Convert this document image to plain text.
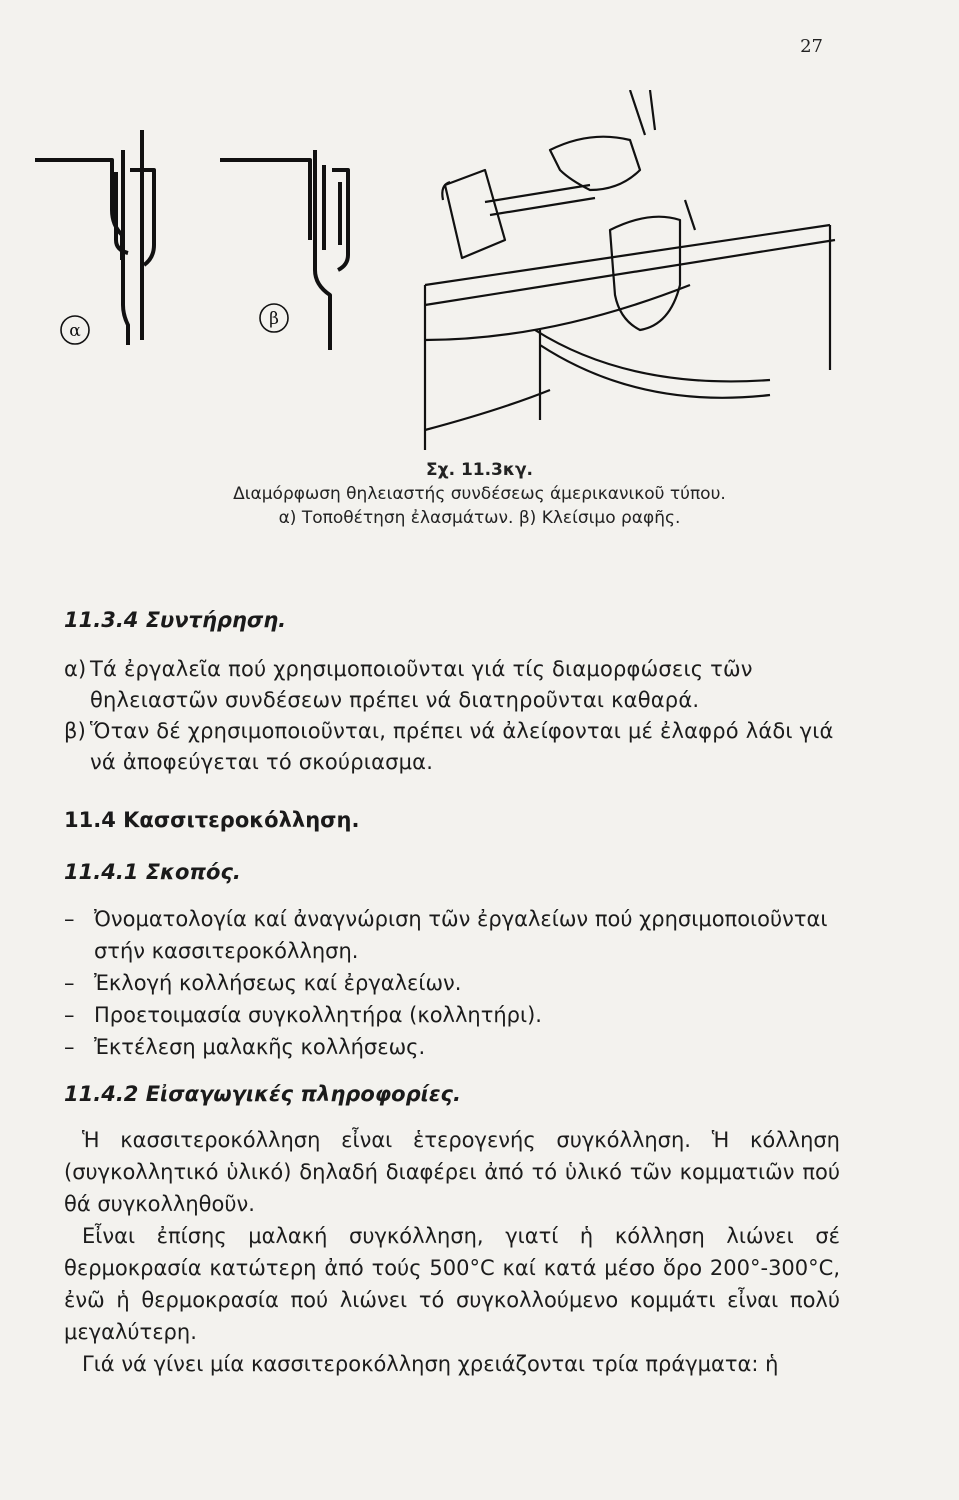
27
α
β
Σχ. 11.3κγ.
Διαμόρφωση θηλειαστής συνδέσεως άμερικανικοῦ τύπου.
α) Τοποθέτηση ἐλασμάτων. β) Κλείσιμο ραφῆς.
11.3.4 Συντήρηση.
α) Τά ἐργαλεῖα πού χρησιμοποιοῦνται γιά τίς διαμορφώσεις τῶν θηλειαστῶν συνδέσεων πρέπει νά διατηροῦνται καθαρά.
β) Ὅταν δέ χρησιμοποιοῦνται, πρέπει νά ἀλείφονται μέ ἐλαφρό λάδι γιά νά ἀποφεύγεται τό σκούριασμα.
11.4 Κασσιτεροκόλληση.
11.4.1 Σκοπός.
– Ὀνοματολογία καί ἀναγνώριση τῶν ἐργαλείων πού χρησιμοποιοῦνται στήν κασσιτεροκόλληση.
– Ἐκλογή κολλήσεως καί ἐργαλείων.
– Προετοιμασία συγκολλητήρα (κολλητήρι).
– Ἐκτέλεση μαλακῆς κολλήσεως.
11.4.2 Εἰσαγωγικές πληροφορίες.

Ἡ κασσιτεροκόλληση εἶναι ἑτερογενής συγκόλληση. Ἡ κόλληση (συγκολλητικό ὑλικό) δηλαδή διαφέρει ἀπό τό ὑλικό τῶν κομματιῶν πού θά συγκολληθοῦν.

Εἶναι ἐπίσης μαλακή συγκόλληση, γιατί ἡ κόλληση λιώνει σέ θερμοκρασία κατώτερη ἀπό τούς 500°C καί κατά μέσο ὅρο 200°-300°C, ἐνῶ ἡ θερμοκρασία πού λιώνει τό συγκολλούμενο κομμάτι εἶναι πολύ μεγαλύτερη.

Γιά νά γίνει μία κασσιτεροκόλληση χρειάζονται τρία πράγματα: ἡ
